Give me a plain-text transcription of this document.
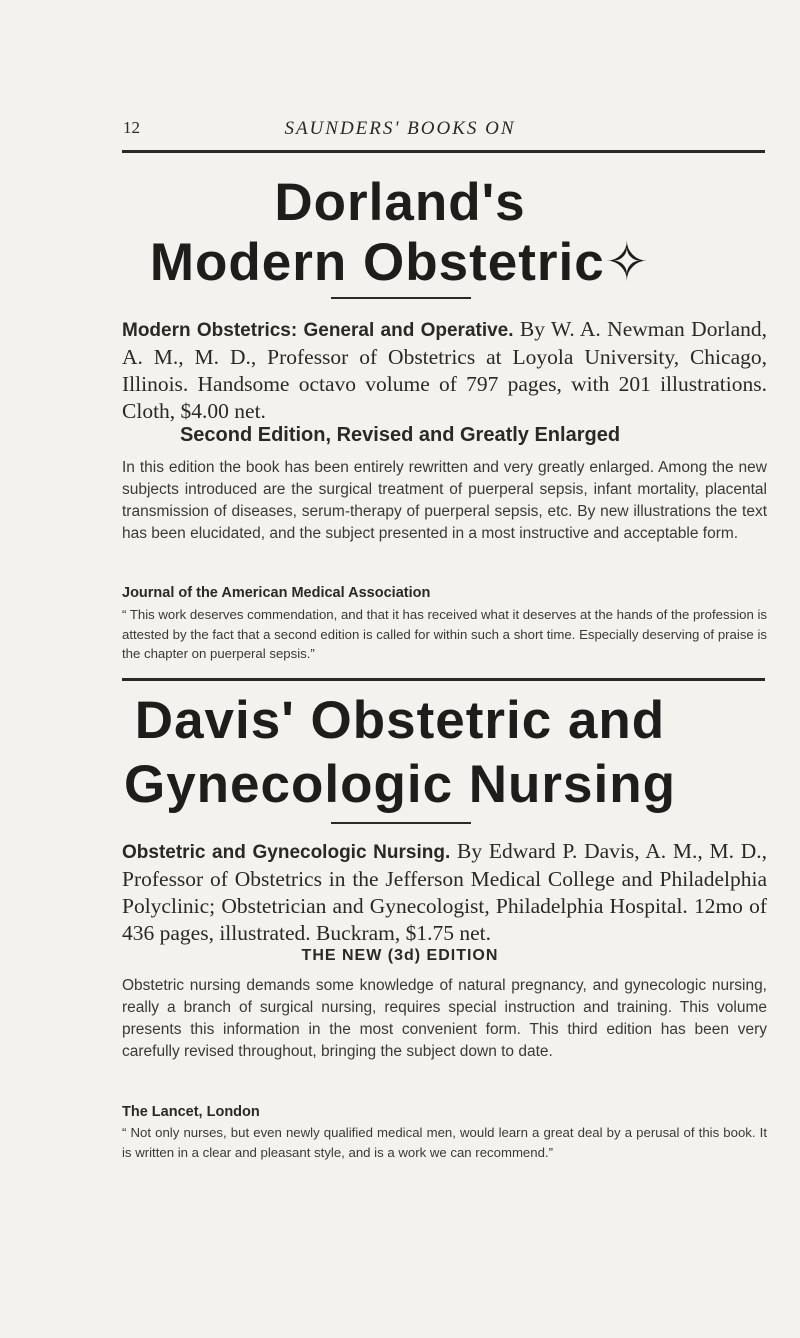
12	SAUNDERS' BOOKS ON
Dorland's
Modern Obstetric✧
Modern Obstetrics: General and Operative. By W. A. Newman Dorland, A. M., M. D., Professor of Obstetrics at Loyola University, Chicago, Illinois. Handsome octavo volume of 797 pages, with 201 illustrations. Cloth, $4.00 net.
Second Edition, Revised and Greatly Enlarged
In this edition the book has been entirely rewritten and very greatly enlarged. Among the new subjects introduced are the surgical treatment of puerperal sepsis, infant mortality, placental transmission of diseases, serum-therapy of puerperal sepsis, etc. By new illustrations the text has been elucidated, and the subject presented in a most instructive and acceptable form.
Journal of the American Medical Association
“ This work deserves commendation, and that it has received what it deserves at the hands of the profession is attested by the fact that a second edition is called for within such a short time. Especially deserving of praise is the chapter on puerperal sepsis.”
Davis' Obstetric and
Gynecologic Nursing
Obstetric and Gynecologic Nursing. By Edward P. Davis, A. M., M. D., Professor of Obstetrics in the Jefferson Medical College and Philadelphia Polyclinic; Obstetrician and Gynecologist, Philadelphia Hospital. 12mo of 436 pages, illustrated. Buckram, $1.75 net.
THE NEW (3d) EDITION
Obstetric nursing demands some knowledge of natural pregnancy, and gynecologic nursing, really a branch of surgical nursing, requires special instruction and training. This volume presents this information in the most convenient form. This third edition has been very carefully revised throughout, bringing the subject down to date.
The Lancet, London
“ Not only nurses, but even newly qualified medical men, would learn a great deal by a perusal of this book. It is written in a clear and pleasant style, and is a work we can recommend.”
